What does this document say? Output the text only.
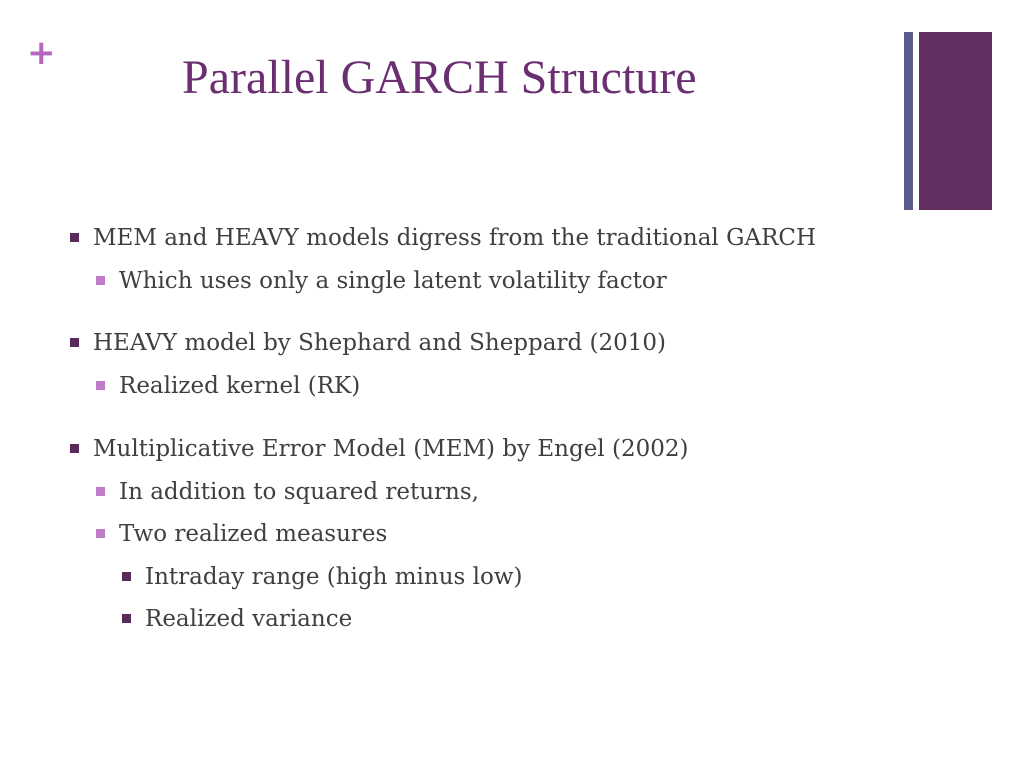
+	Parallel GARCH Structure
MEM and HEAVY models digress from the traditional GARCH
Which uses only a single latent volatility factor
HEAVY model by Shephard and Sheppard (2010)
Realized kernel (RK)
Multiplicative Error Model (MEM) by Engel (2002)
In addition to squared returns,
Two realized measures
Intraday range (high minus low)
Realized variance
